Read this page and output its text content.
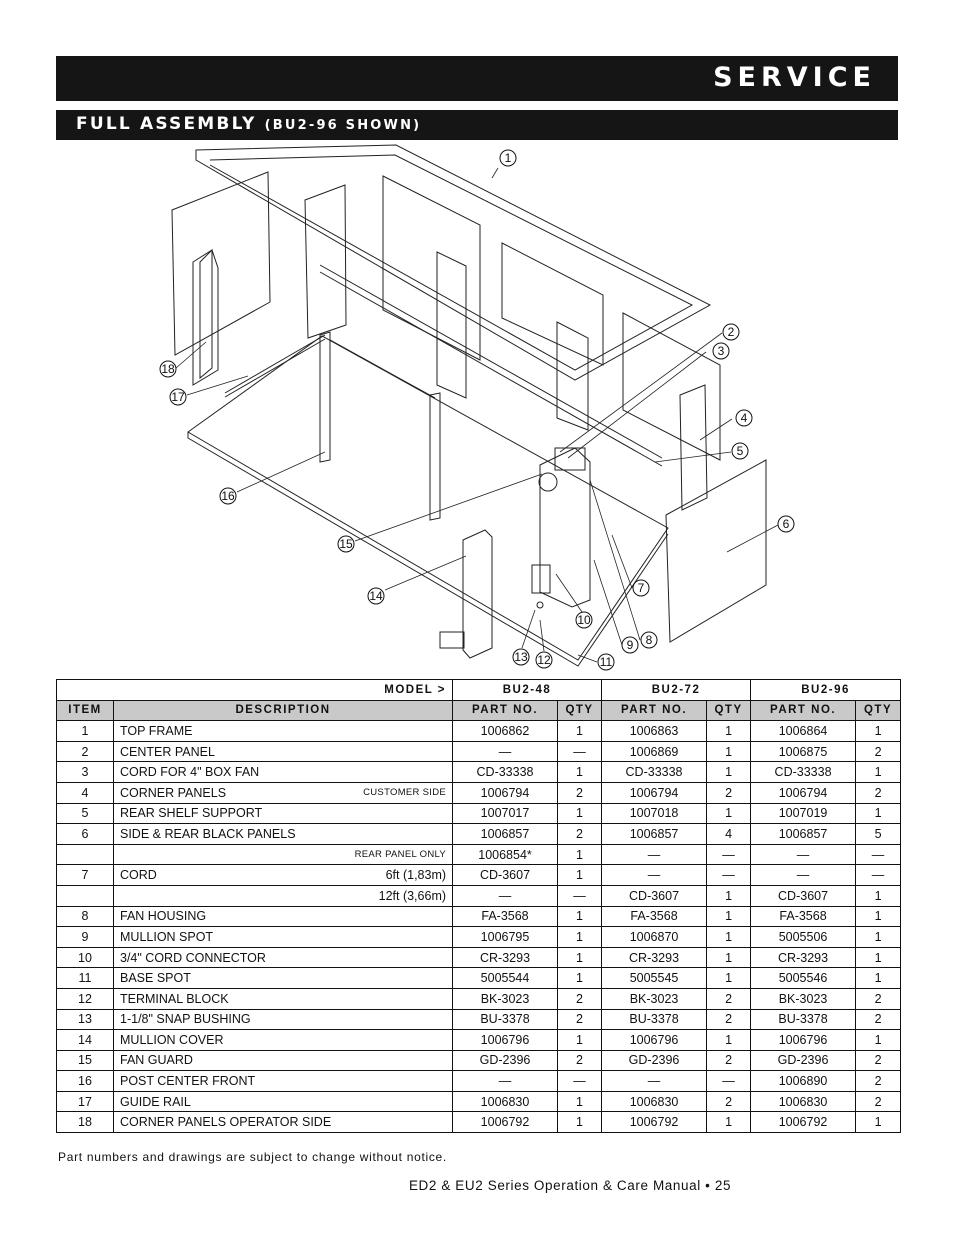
SERVICE
FULL ASSEMBLY (BU2-96 SHOWN)
1
2
3
4
5
6
7
8
9
10
11
12
13
14
15
16
17
18
MODEL >		BU2-48		BU2-72		BU2-96	
ITEM	DESCRIPTION	PART NO.	QTY	PART NO.	QTY	PART NO.	QTY
1	TOP FRAME	1006862	1	1006863	1	1006864	1
2	CENTER PANEL	—	—	1006869	1	1006875	2
3	CORD FOR 4" BOX FAN	CD-33338	1	CD-33338	1	CD-33338	1
4	CORNER PANELS CUSTOMER SIDE	1006794	2	1006794	2	1006794	2
5	REAR SHELF SUPPORT	1007017	1	1007018	1	1007019	1
6	SIDE & REAR BLACK PANELS	1006857	2	1006857	4	1006857	5

	REAR PANEL ONLY	1006854*	1	—	—	—	—
7	CORD 6ft (1,83m)	CD-3607	1	—	—	—	—

	12ft (3,66m)	—	—	CD-3607	1	CD-3607	1
8	FAN HOUSING	FA-3568	1	FA-3568	1	FA-3568	1
9	MULLION SPOT	1006795	1	1006870	1	5005506	1
10	3/4" CORD CONNECTOR	CR-3293	1	CR-3293	1	CR-3293	1
11	BASE SPOT	5005544	1	5005545	1	5005546	1
12	TERMINAL BLOCK	BK-3023	2	BK-3023	2	BK-3023	2
13	1-1/8" SNAP BUSHING	BU-3378	2	BU-3378	2	BU-3378	2
14	MULLION COVER	1006796	1	1006796	1	1006796	1
15	FAN GUARD	GD-2396	2	GD-2396	2	GD-2396	2
16	POST CENTER FRONT	—	—	—	—	1006890	2
17	GUIDE RAIL	1006830	1	1006830	2	1006830	2
18	CORNER PANELS OPERATOR SIDE	1006792	1	1006792	1	1006792	1
Part numbers and drawings are subject to change without notice.
ED2 & EU2 Series Operation & Care Manual • 25
